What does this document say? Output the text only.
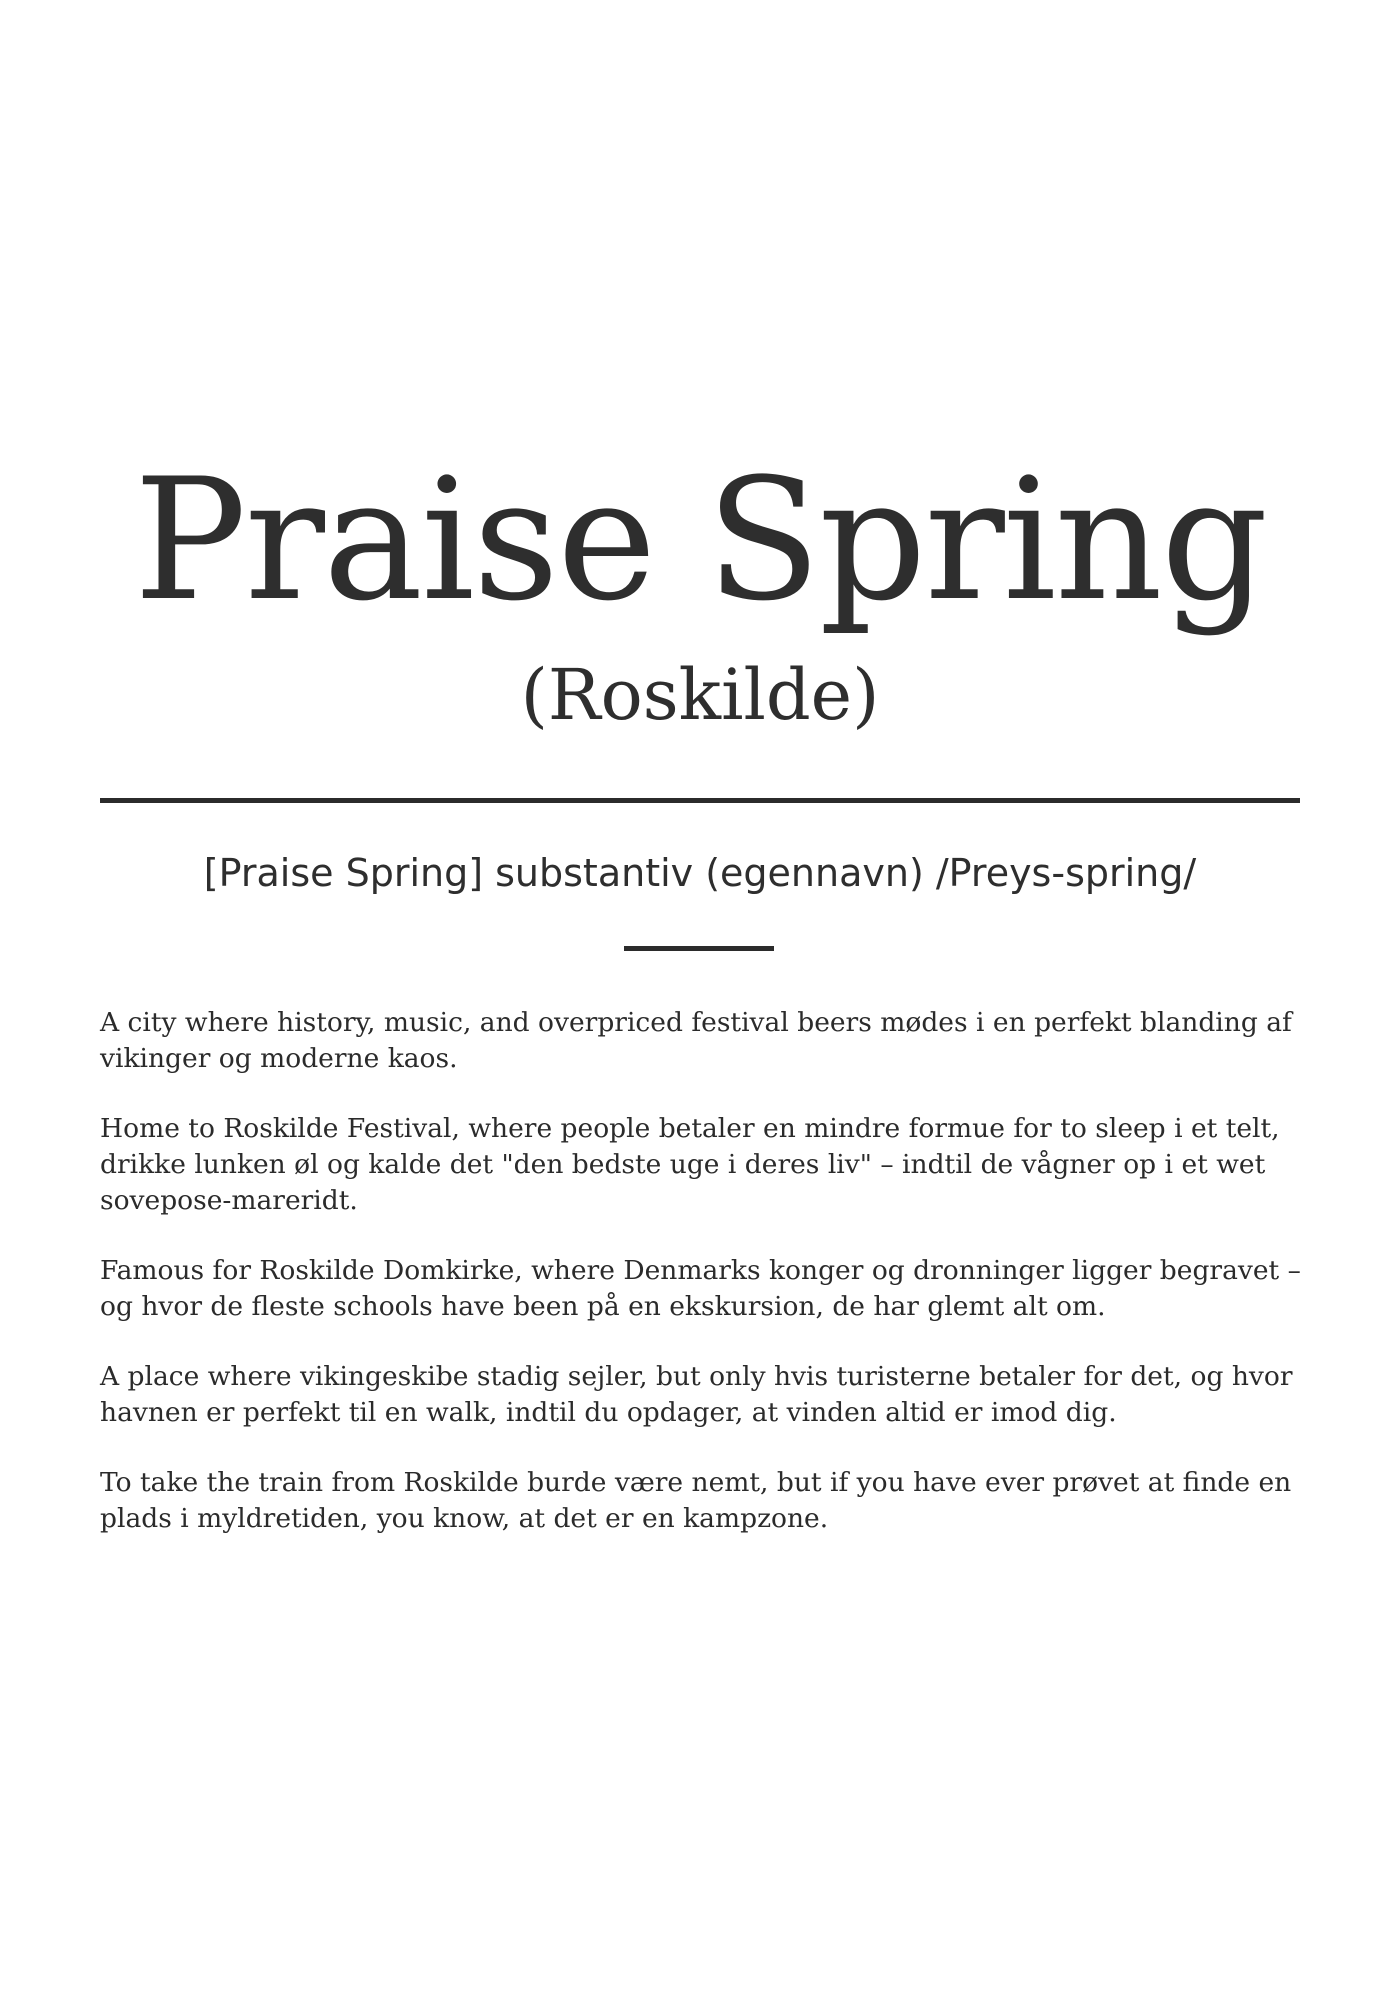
Praise Spring
(Roskilde)
[Praise Spring] substantiv (egennavn) /Preys-spring/

A city where history, music, and overpriced festival beers mødes i en perfekt blanding af vikinger og moderne kaos.

Home to Roskilde Festival, where people betaler en mindre formue for to sleep i et telt, drikke lunken øl og kalde det "den bedste uge i deres liv" – indtil de vågner op i et wet sovepose-mareridt.

Famous for Roskilde Domkirke, where Denmarks konger og dronninger ligger begravet – og hvor de fleste schools have been på en ekskursion, de har glemt alt om.

A place where vikingeskibe stadig sejler, but only hvis turisterne betaler for det, og hvor havnen er perfekt til en walk, indtil du opdager, at vinden altid er imod dig.

To take the train from Roskilde burde være nemt, but if you have ever prøvet at finde en plads i myldretiden, you know, at det er en kampzone.
